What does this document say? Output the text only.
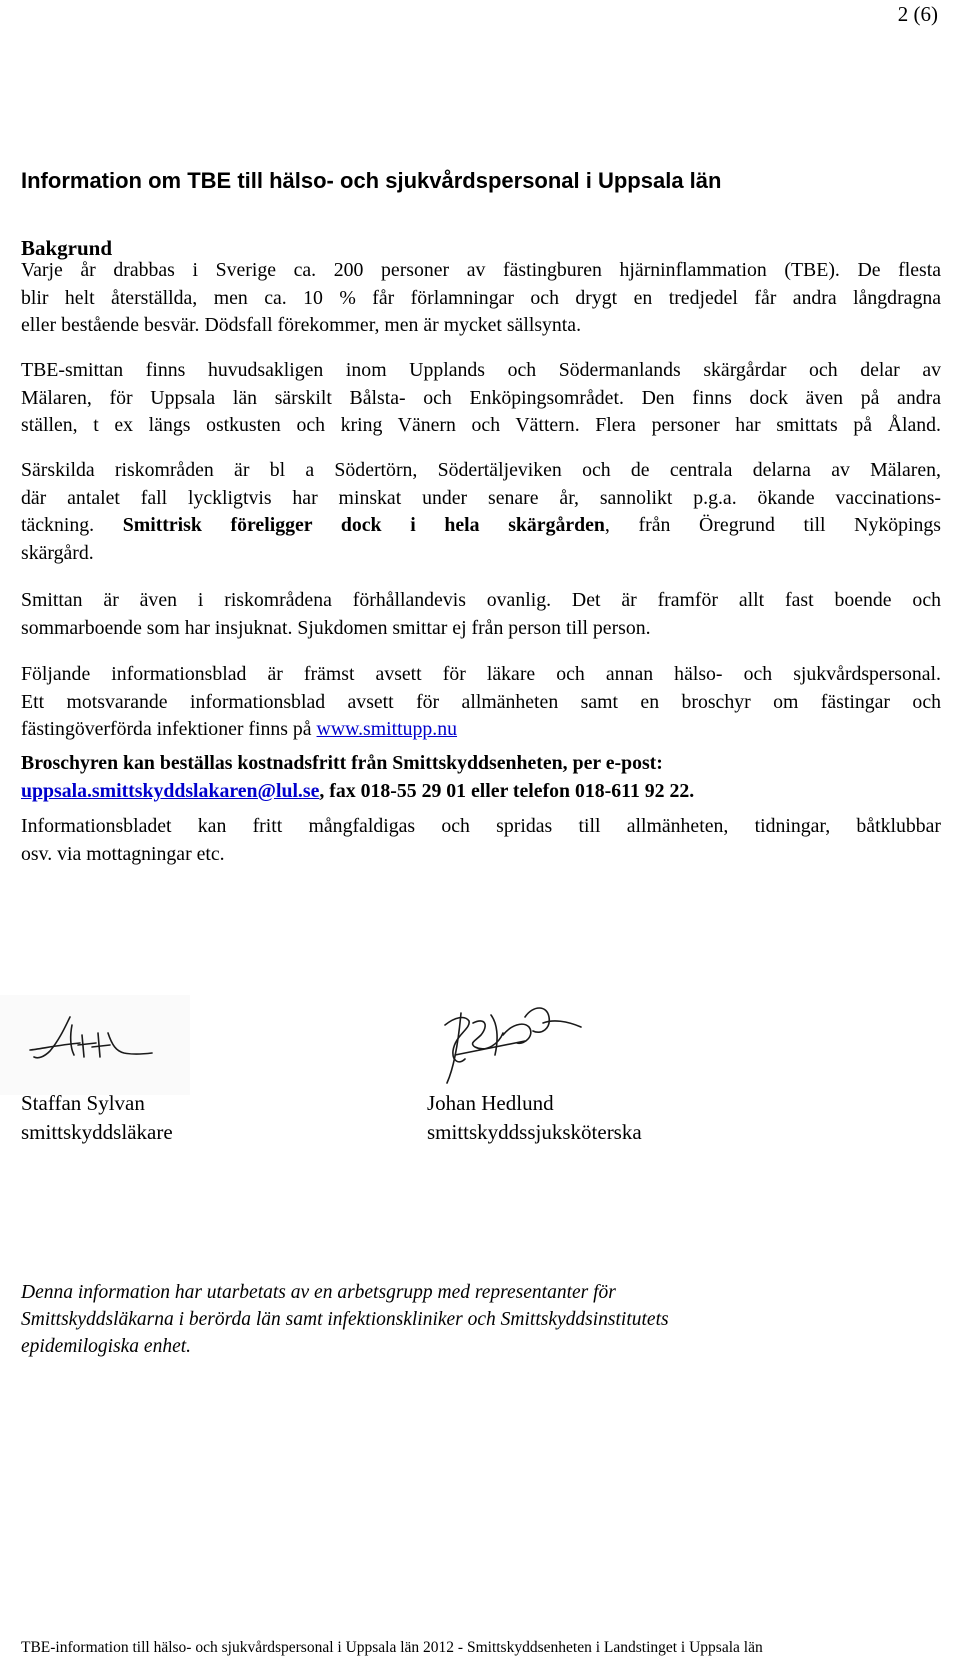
2 (6)
Information om TBE till hälso- och sjukvårdspersonal i Uppsala län
Bakgrund

Varje år drabbas i Sverige ca. 200 personer av fästingburen hjärninflammation (TBE). De flesta
blir helt återställda, men ca. 10 % får förlamningar och drygt en tredjedel får andra långdragna
eller bestående besvär. Dödsfall förekommer, men är mycket sällsynta.

TBE-smittan finns huvudsakligen inom Upplands och Södermanlands skärgårdar och delar av
Mälaren, för Uppsala län särskilt Bålsta- och Enköpingsområdet. Den finns dock även på andra
ställen, t ex längs ostkusten och kring Vänern och Vättern. Flera personer har smittats på Åland.

Särskilda riskområden är bl a Södertörn, Södertäljeviken och de centrala delarna av Mälaren,
där antalet fall lyckligtvis har minskat under senare år, sannolikt p.g.a. ökande vaccinations-
täckning. Smittrisk föreligger dock i hela skärgården, från Öregrund till Nyköpings
skärgård.

Smittan är även i riskområdena förhållandevis ovanlig. Det är framför allt fast boende och
sommarboende som har insjuknat. Sjukdomen smittar ej från person till person.

Följande informationsblad är främst avsett för läkare och annan hälso- och sjukvårdspersonal.
Ett motsvarande informationsblad avsett för allmänheten samt en broschyr om fästingar och
fästingöverförda infektioner finns på www.smittupp.nu

Broschyren kan beställas kostnadsfritt från Smittskyddsenheten, per e-post:
uppsala.smittskyddslakaren@lul.se, fax 018-55 29 01 eller telefon 018-611 92 22.

Informationsbladet kan fritt mångfaldigas och spridas till allmänheten, tidningar, båtklubbar
osv. via mottagningar etc.

Staffan Sylvan
smittskyddsläkare
Johan Hedlund
smittskyddssjuksköterska

Denna information har utarbetats av en arbetsgrupp med representanter för
Smittskyddsläkarna i berörda län samt infektionskliniker och Smittskyddsinstitutets
epidemilogiska enhet.

TBE-information till hälso- och sjukvårdspersonal i Uppsala län 2012 - Smittskyddsenheten i Landstinget i Uppsala län
